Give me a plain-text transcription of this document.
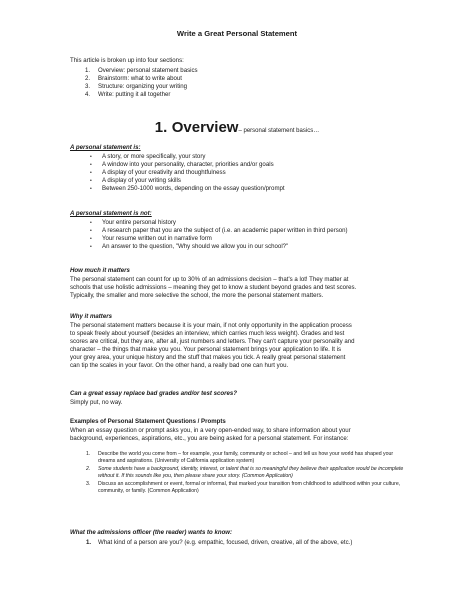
Write a Great Personal Statement
This article is broken up into four sections:
1. Overview: personal statement basics
2. Brainstorm: what to write about
3. Structure: organizing your writing
4. Write: putting it all together
1. Overview– personal statement basics…
A personal statement is:
• A story, or more specifically, your story
• A window into your personality, character, priorities and/or goals
• A display of your creativity and thoughtfulness
• A display of your writing skills
• Between 250-1000 words, depending on the essay question/prompt
A personal statement is not:
• Your entire personal history
• A research paper that you are the subject of (i.e. an academic paper written in third person)
• Your resume written out in narrative form
• An answer to the question, "Why should we allow you in our school?"
How much it matters
The personal statement can count for up to 30% of an admissions decision – that's a lot! They matter at
schools that use holistic admissions – meaning they get to know a student beyond grades and test scores.
Typically, the smaller and more selective the school, the more the personal statement matters.
Why it matters
The personal statement matters because it is your main, if not only opportunity in the application process
to speak freely about yourself (besides an interview, which carries much less weight). Grades and test
scores are critical, but they are, after all, just numbers and letters. They can't capture your personality and
character – the things that make you you. Your personal statement brings your application to life. It is
your grey area, your unique history and the stuff that makes you tick. A really great personal statement
can tip the scales in your favor. On the other hand, a really bad one can hurt you.
Can a great essay replace bad grades and/or test scores?
Simply put, no way.
Examples of Personal Statement Questions / Prompts
When an essay question or prompt asks you, in a very open-ended way, to share information about your
background, experiences, aspirations, etc., you are being asked for a personal statement. For instance:
1.	Describe the world you come from – for example, your family, community or school – and tell us how your world has shaped your dreams and aspirations. (University of California application system)
2.	Some students have a background, identity, interest, or talent that is so meaningful they believe their application would be incomplete without it. If this sounds like you, then please share your story. (Common Application)
3.	Discuss an accomplishment or event, formal or informal, that marked your transition from childhood to adulthood within your culture, community, or family. (Common Application)
What the admissions officer (the reader) wants to know:
1. What kind of a person are you? (e.g. empathic, focused, driven, creative, all of the above, etc.)
